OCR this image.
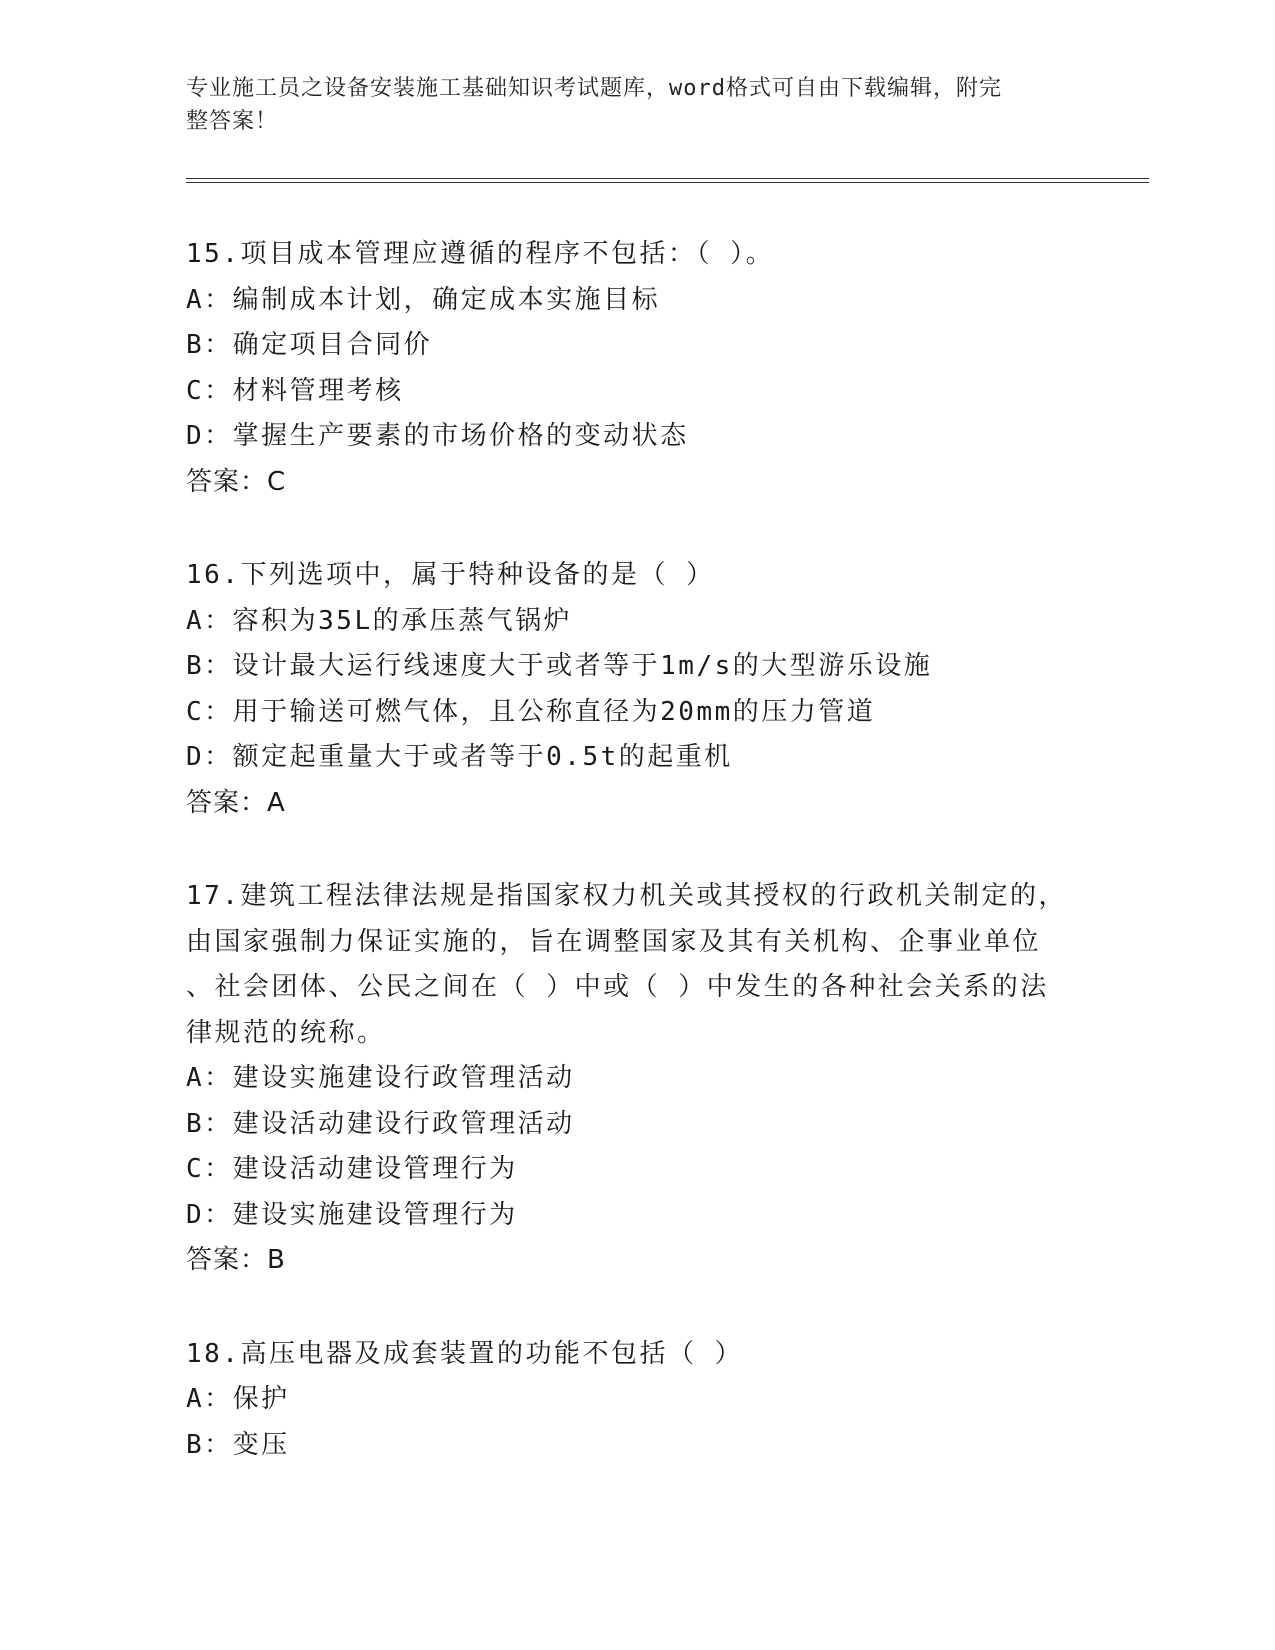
专业施工员之设备安装施工基础知识考试题库，word格式可自由下载编辑，附完
整答案！
15.项目成本管理应遵循的程序不包括：（ ）。
A：编制成本计划，确定成本实施目标
B：确定项目合同价
C：材料管理考核
D：掌握生产要素的市场价格的变动状态
答案：C
16.下列选项中，属于特种设备的是（ ）
A：容积为35L的承压蒸气锅炉
B：设计最大运行线速度大于或者等于1m/s的大型游乐设施
C：用于输送可燃气体，且公称直径为20mm的压力管道
D：额定起重量大于或者等于0.5t的起重机
答案：A
17.建筑工程法律法规是指国家权力机关或其授权的行政机关制定的，
由国家强制力保证实施的，旨在调整国家及其有关机构、企事业单位
、社会团体、公民之间在（ ）中或（ ）中发生的各种社会关系的法
律规范的统称。
A：建设实施建设行政管理活动
B：建设活动建设行政管理活动
C：建设活动建设管理行为
D：建设实施建设管理行为
答案：B
18.高压电器及成套装置的功能不包括（ ）
A：保护
B：变压
